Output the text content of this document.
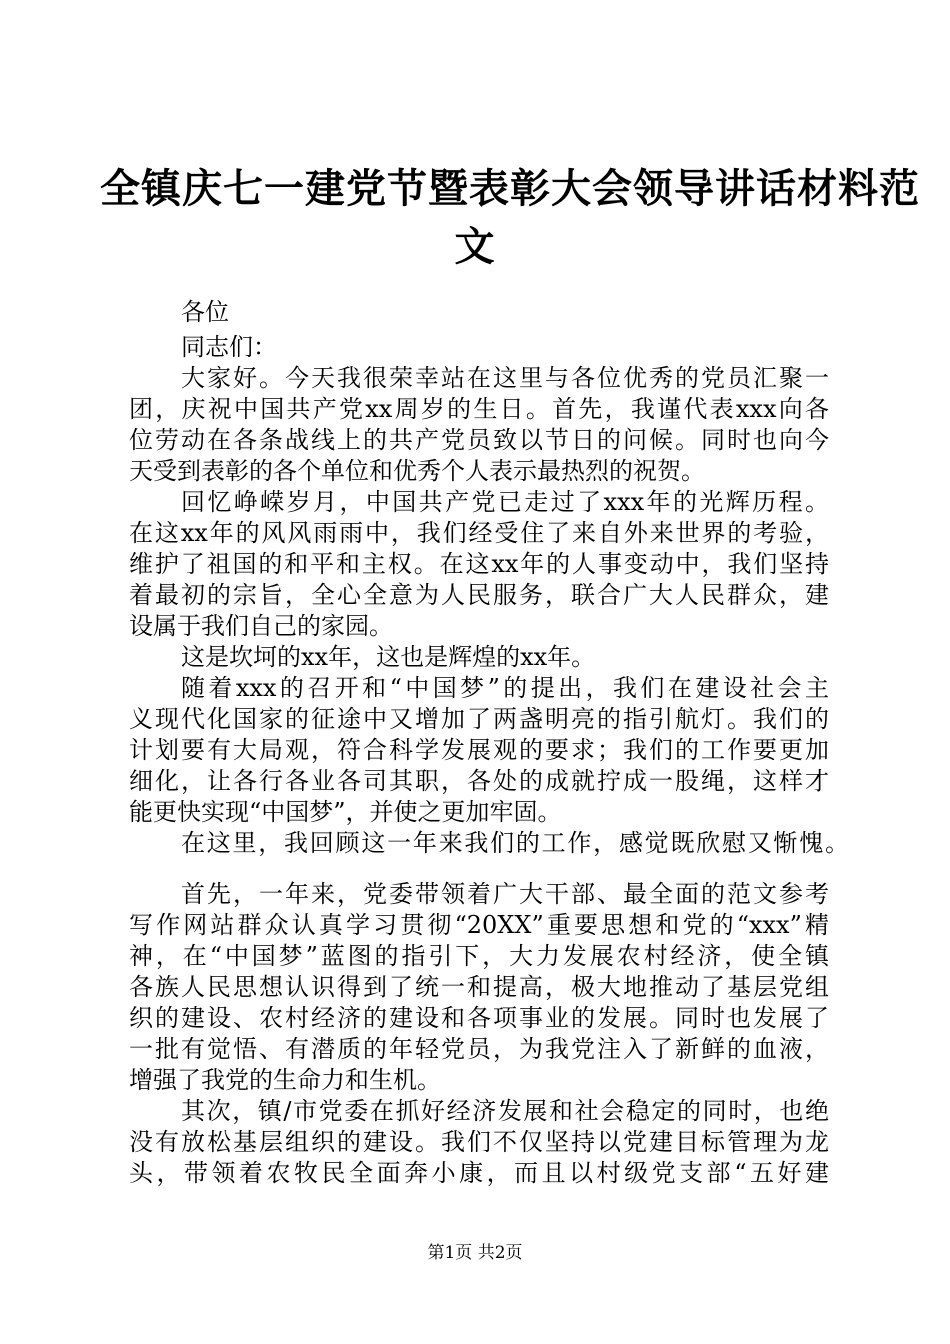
全镇庆七一建党节暨表彰大会领导讲话材料范
文
各位
同志们：
大家好。今天我很荣幸站在这里与各位优秀的党员汇聚一
团，庆祝中国共产党xx周岁的生日。首先，我谨代表xxx向各
位劳动在各条战线上的共产党员致以节日的问候。同时也向今
天受到表彰的各个单位和优秀个人表示最热烈的祝贺。
回忆峥嵘岁月，中国共产党已走过了xxx年的光辉历程。
在这xx年的风风雨雨中，我们经受住了来自外来世界的考验，
维护了祖国的和平和主权。在这xx年的人事变动中，我们坚持
着最初的宗旨，全心全意为人民服务，联合广大人民群众，建
设属于我们自己的家园。
这是坎坷的xx年，这也是辉煌的xx年。
随着xxx的召开和“中国梦”的提出，我们在建设社会主
义现代化国家的征途中又增加了两盏明亮的指引航灯。我们的
计划要有大局观，符合科学发展观的要求；我们的工作要更加
细化，让各行各业各司其职，各处的成就拧成一股绳，这样才
能更快实现“中国梦”，并使之更加牢固。
在这里，我回顾这一年来我们的工作，感觉既欣慰又惭愧。
首先，一年来，党委带领着广大干部、最全面的范文参考
写作网站群众认真学习贯彻“20XX”重要思想和党的“xxx”精
神，在“中国梦”蓝图的指引下，大力发展农村经济，使全镇
各族人民思想认识得到了统一和提高，极大地推动了基层党组
织的建设、农村经济的建设和各项事业的发展。同时也发展了
一批有觉悟、有潜质的年轻党员，为我党注入了新鲜的血液，
增强了我党的生命力和生机。
其次，镇/市党委在抓好经济发展和社会稳定的同时，也绝
没有放松基层组织的建设。我们不仅坚持以党建目标管理为龙
头，带领着农牧民全面奔小康，而且以村级党支部“五好建
第1页 共2页
